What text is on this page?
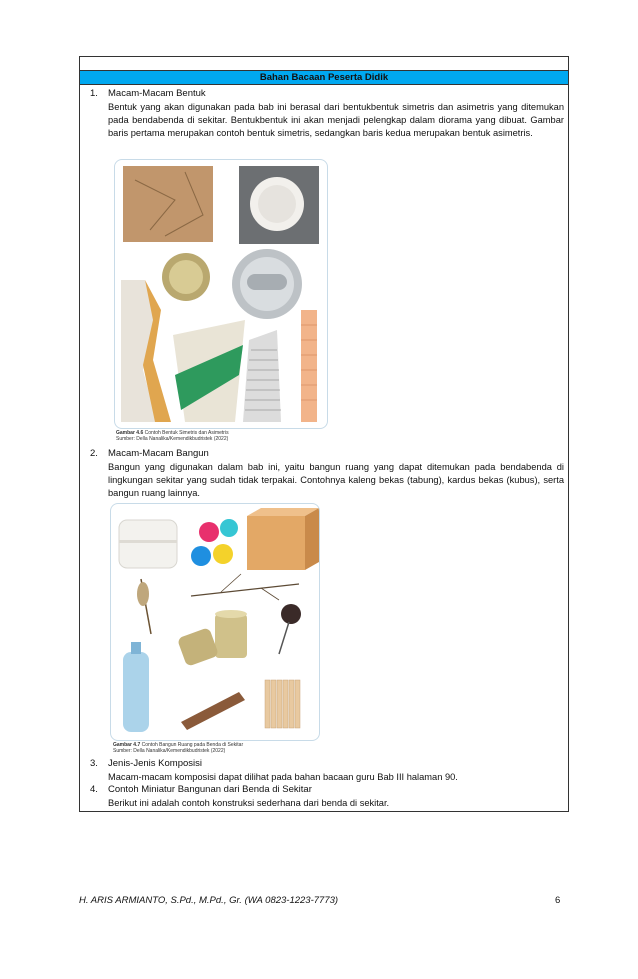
Bahan Bacaan Peserta Didik
1. Macam-Macam Bentuk
Bentuk yang akan digunakan pada bab ini berasal dari bentukbentuk simetris dan asimetris yang ditemukan pada bendabenda di sekitar. Bentukbentuk ini akan menjadi pelengkap dalam diorama yang dibuat. Gambar baris pertama merupakan contoh bentuk simetris, sedangkan baris kedua merupakan bentuk asimetris.
Gambar 4.6 Contoh Bentuk Simetris dan Asimetris
Sumber: Della Nanalika/Kemendikbudristek (2022)
2. Macam-Macam Bangun
Bangun yang digunakan dalam bab ini, yaitu bangun ruang yang dapat ditemukan pada bendabenda di lingkungan sekitar yang sudah tidak terpakai. Contohnya kaleng bekas (tabung), kardus bekas (kubus), serta bangun ruang lainnya.
Gambar 4.7 Contoh Bangun Ruang pada Benda di Sekitar
Sumber: Della Nanalika/Kemendikbudristek (2022)
3. Jenis-Jenis Komposisi
Macam-macam komposisi dapat dilihat pada bahan bacaan guru Bab III halaman 90.
4. Contoh Miniatur Bangunan dari Benda di Sekitar
Berikut ini adalah contoh konstruksi sederhana dari benda di sekitar.
H. ARIS ARMIANTO, S.Pd., M.Pd., Gr. (WA 0823-1223-7773)	6
